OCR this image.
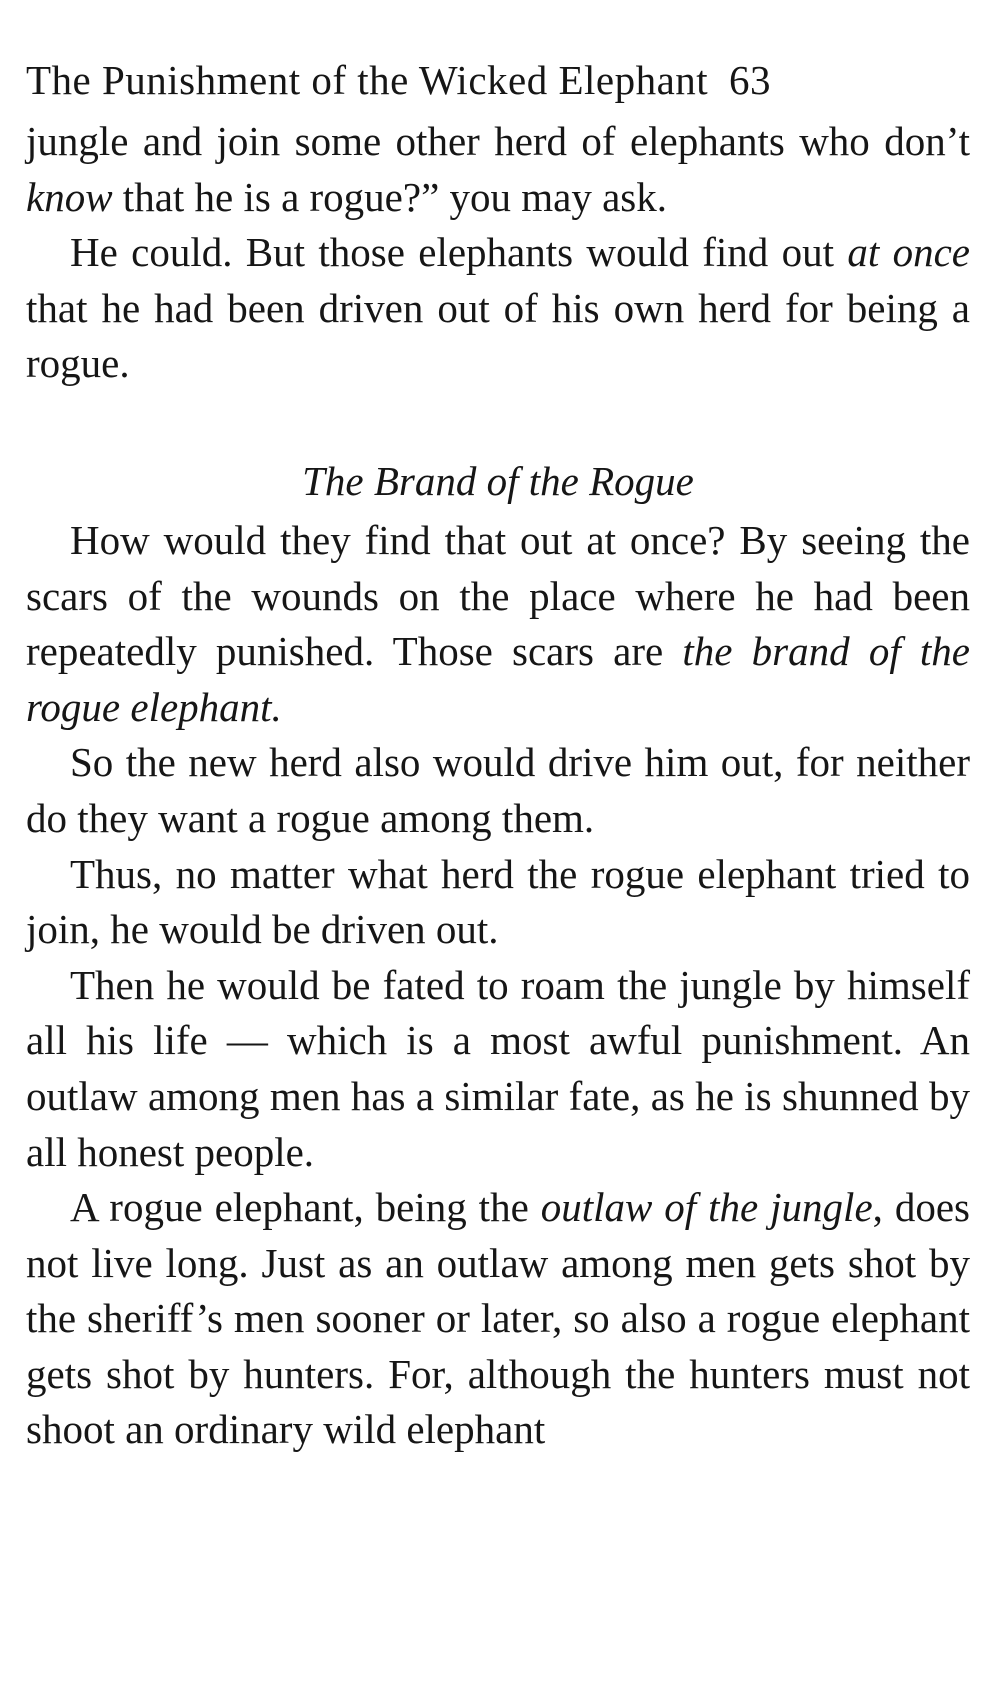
The Punishment of the Wicked Elephant 63

jungle and join some other herd of elephants who don’t know that he is a rogue?” you may ask.

He could. But those elephants would find out at once that he had been driven out of his own herd for being a rogue.

The Brand of the Rogue

How would they find that out at once? By seeing the scars of the wounds on the place where he had been repeatedly punished. Those scars are the brand of the rogue elephant.

So the new herd also would drive him out, for neither do they want a rogue among them.

Thus, no matter what herd the rogue elephant tried to join, he would be driven out.

Then he would be fated to roam the jungle by himself all his life — which is a most awful punishment. An outlaw among men has a similar fate, as he is shunned by all honest people.

A rogue elephant, being the outlaw of the jungle, does not live long. Just as an outlaw among men gets shot by the sheriff’s men sooner or later, so also a rogue elephant gets shot by hunters. For, although the hunters must not shoot an ordinary wild elephant
